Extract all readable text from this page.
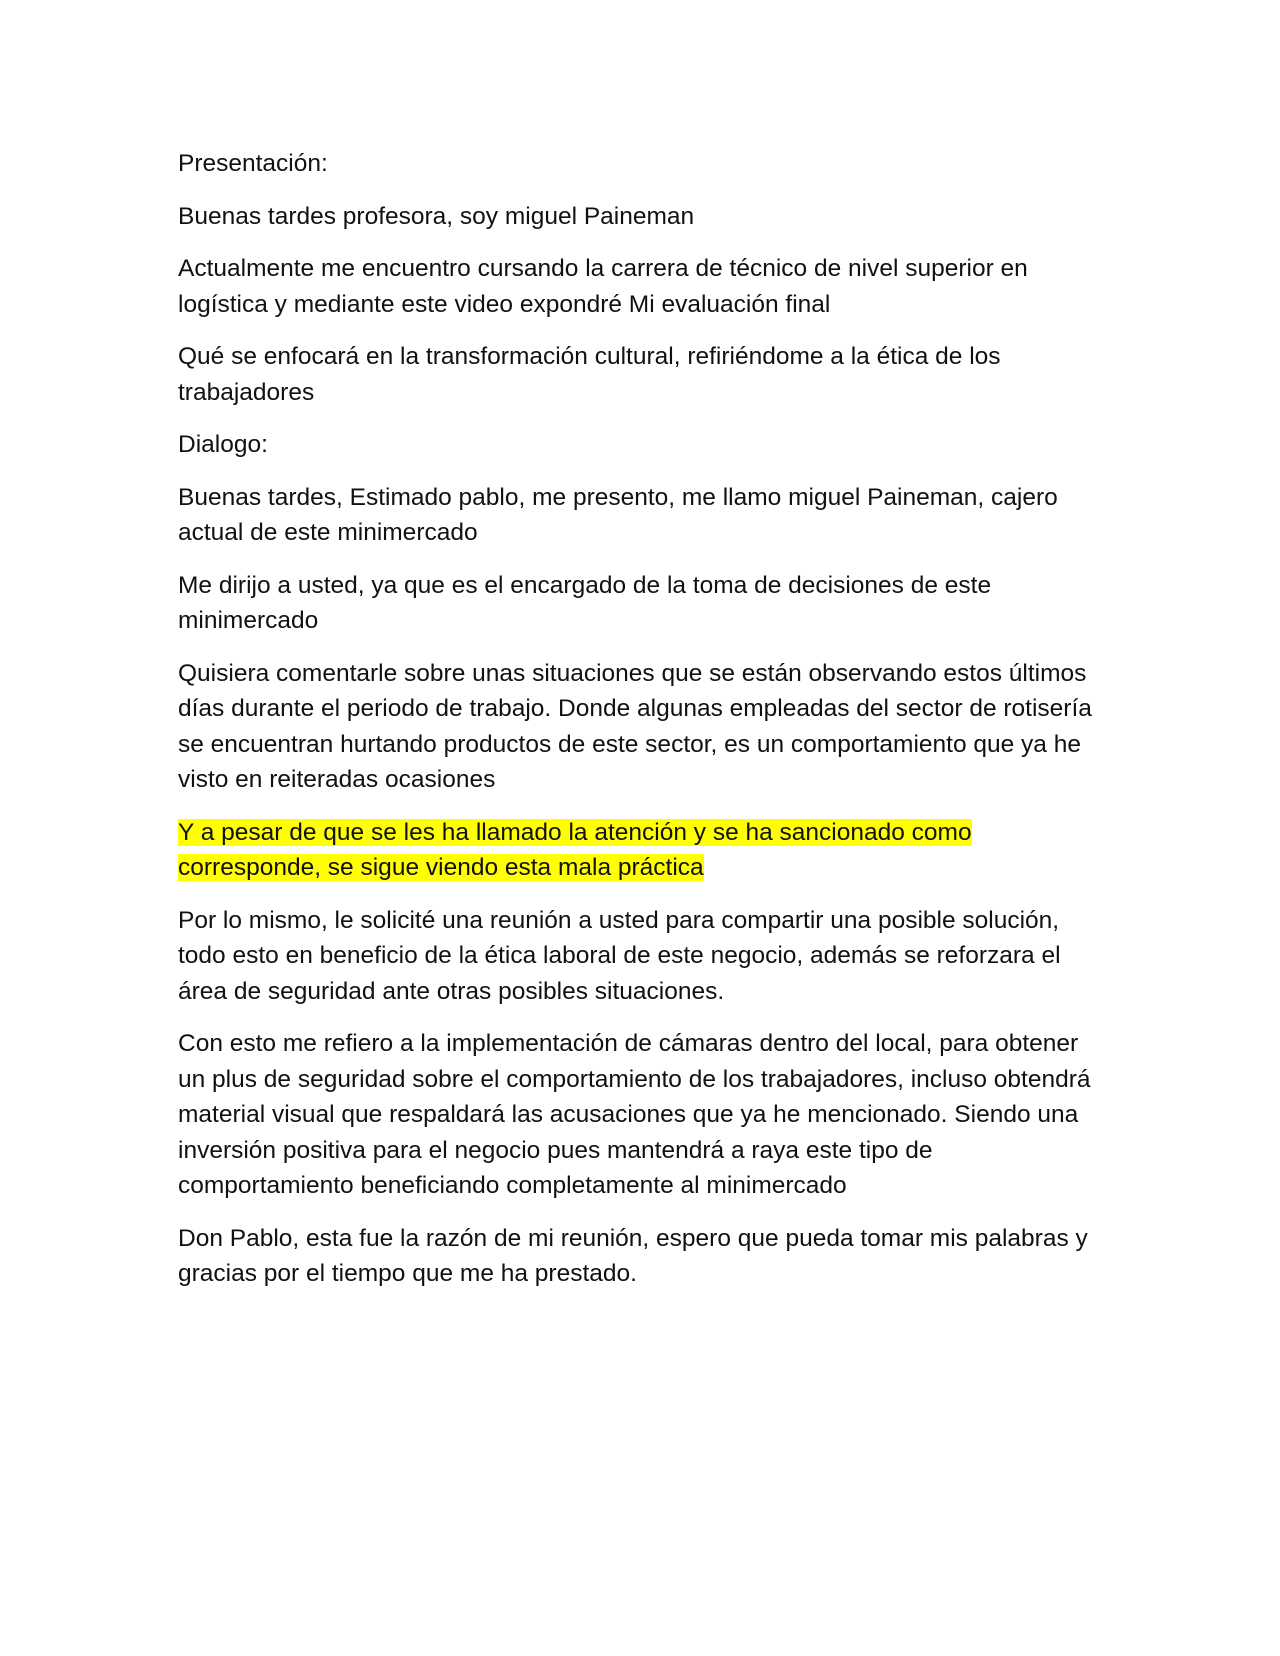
Presentación:

Buenas tardes profesora, soy miguel Paineman

Actualmente me encuentro cursando la carrera de técnico de nivel superior en logística y mediante este video expondré Mi evaluación final

Qué se enfocará en la transformación cultural, refiriéndome a la ética de los trabajadores

Dialogo:

Buenas tardes, Estimado pablo, me presento, me llamo miguel Paineman, cajero actual de este minimercado

Me dirijo a usted, ya que es el encargado de la toma de decisiones de este minimercado

Quisiera comentarle sobre unas situaciones que se están observando estos últimos días durante el periodo de trabajo. Donde algunas empleadas del sector de rotisería se encuentran hurtando productos de este sector, es un comportamiento que ya he visto en reiteradas ocasiones

Y a pesar de que se les ha llamado la atención y se ha sancionado como corresponde, se sigue viendo esta mala práctica

Por lo mismo, le solicité una reunión a usted para compartir una posible solución, todo esto en beneficio de la ética laboral de este negocio, además se reforzara el área de seguridad ante otras posibles situaciones.

Con esto me refiero a la implementación de cámaras dentro del local, para obtener un plus de seguridad sobre el comportamiento de los trabajadores, incluso obtendrá material visual que respaldará las acusaciones que ya he mencionado. Siendo una inversión positiva para el negocio pues mantendrá a raya este tipo de comportamiento beneficiando completamente al minimercado

Don Pablo, esta fue la razón de mi reunión, espero que pueda tomar mis palabras y gracias por el tiempo que me ha prestado.
